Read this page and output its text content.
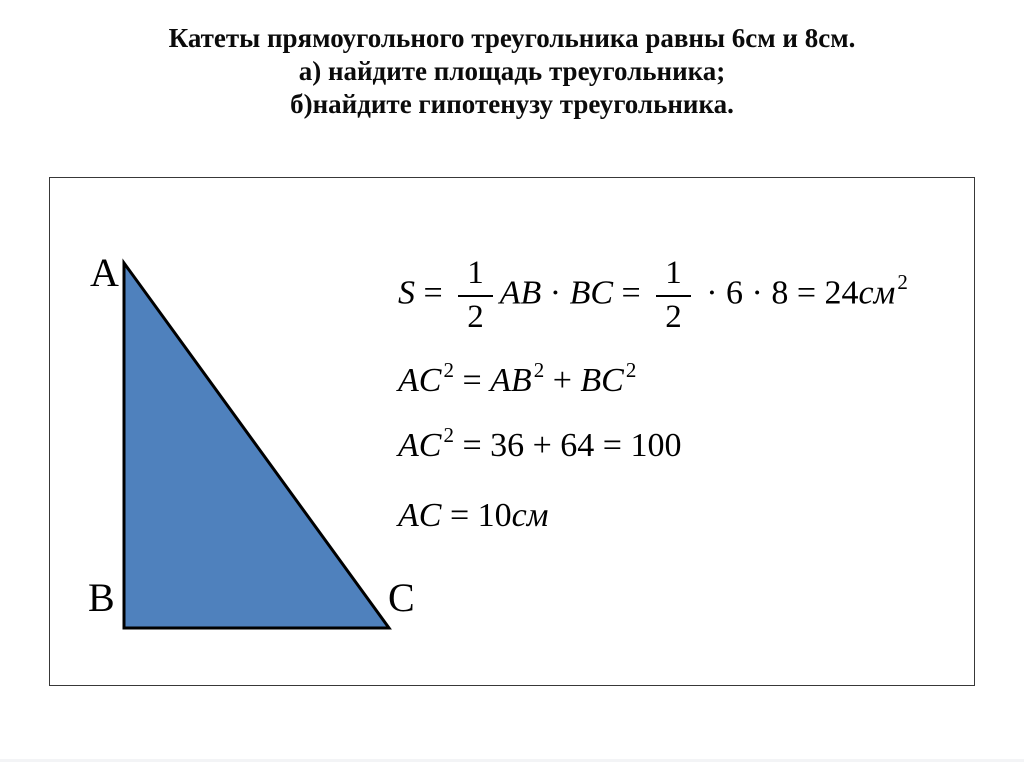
Катеты прямоугольного треугольника равны 6см и 8см.
а) найдите площадь треугольника;
б)найдите гипотенузу треугольника.
A
B	C
$S = \frac{1}{2}$ AB · BC = $\frac{1}{2} \cdot 6 \cdot 8 = 24см^2$
$AC^2 = AB^2 + BC^2$
$AC^2 = 36 + 64 = 100$
AC = 10см
